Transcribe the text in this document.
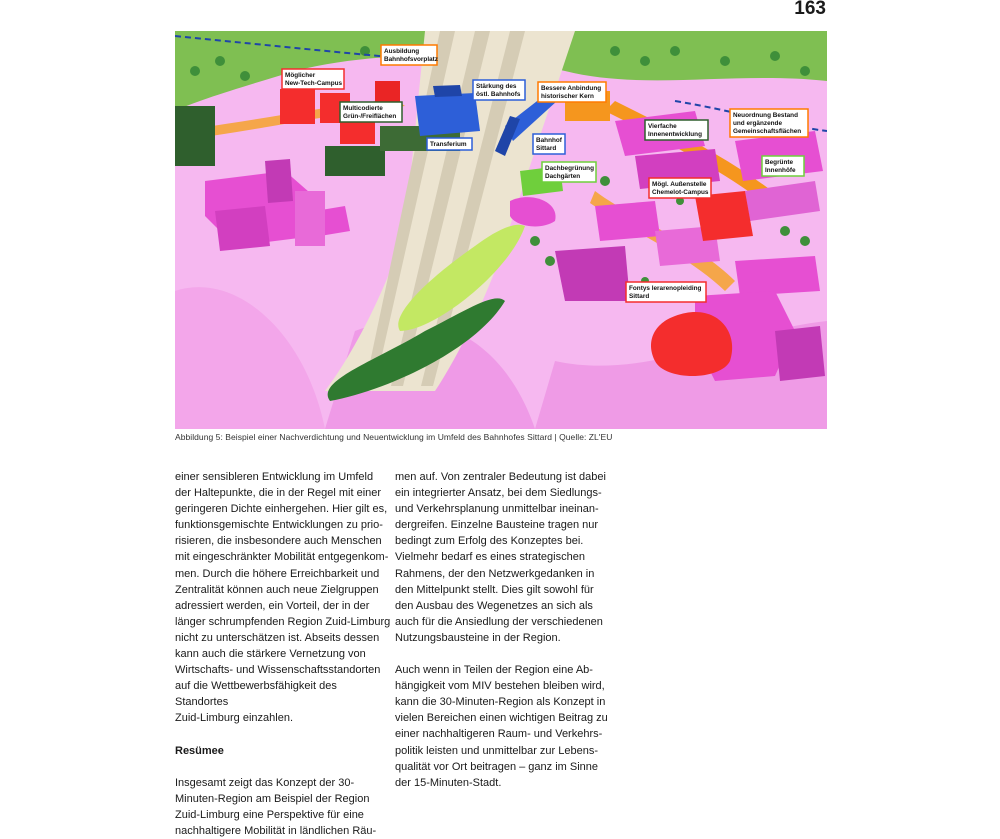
163
Ausbildung
Bahnhofsvorplatz
Möglicher
New-Tech-Campus
Multicodierte
Grün-/Freiflächen
Stärkung des
östl. Bahnhofs
Bessere Anbindung
historischer Kern
Transferium
Bahnhof
Sittard
Dachbegrünung
Dachgärten
Vierfache
Innenentwicklung
Neuordnung Bestand
und ergänzende
Gemeinschaftsflächen
Begrünte
Innenhöfe
Mögl. Außenstelle
Chemelot-Campus
Fontys lerarenopleiding
Sittard
Abbildung 5: Beispiel einer Nachverdichtung und Neuentwicklung im Umfeld des Bahnhofes Sittard | Quelle: ZL'EU

einer sensibleren Entwicklung im Umfeld

der Haltepunkte, die in der Regel mit einer

geringeren Dichte einhergehen. Hier gilt es,

funktionsgemischte Entwicklungen zu prio-

risieren, die insbesondere auch Menschen

mit eingeschränkter Mobilität entgegenkom-

men. Durch die höhere Erreichbarkeit und

Zentralität können auch neue Zielgruppen

adressiert werden, ein Vorteil, der in der

länger schrumpfenden Region Zuid-Limburg

nicht zu unterschätzen ist. Abseits dessen

kann auch die stärkere Vernetzung von

Wirtschafts- und Wissenschaftsstandorten

auf die Wettbewerbsfähigkeit des Standortes

Zuid-Limburg einzahlen.

Resümee

Insgesamt zeigt das Konzept der 30-

Minuten-Region am Beispiel der Region

Zuid-Limburg eine Perspektive für eine

nachhaltigere Mobilität in ländlichen Räu-

men auf. Von zentraler Bedeutung ist dabei

ein integrierter Ansatz, bei dem Siedlungs-

und Verkehrsplanung unmittelbar ineinan-

dergreifen. Einzelne Bausteine tragen nur

bedingt zum Erfolg des Konzeptes bei.

Vielmehr bedarf es eines strategischen

Rahmens, der den Netzwerkgedanken in

den Mittelpunkt stellt. Dies gilt sowohl für

den Ausbau des Wegenetzes an sich als

auch für die Ansiedlung der verschiedenen

Nutzungsbausteine in der Region.

Auch wenn in Teilen der Region eine Ab-

hängigkeit vom MIV bestehen bleiben wird,

kann die 30-Minuten-Region als Konzept in

vielen Bereichen einen wichtigen Beitrag zu

einer nachhaltigeren Raum- und Verkehrs-

politik leisten und unmittelbar zur Lebens-

qualität vor Ort beitragen – ganz im Sinne

der 15-Minuten-Stadt.
